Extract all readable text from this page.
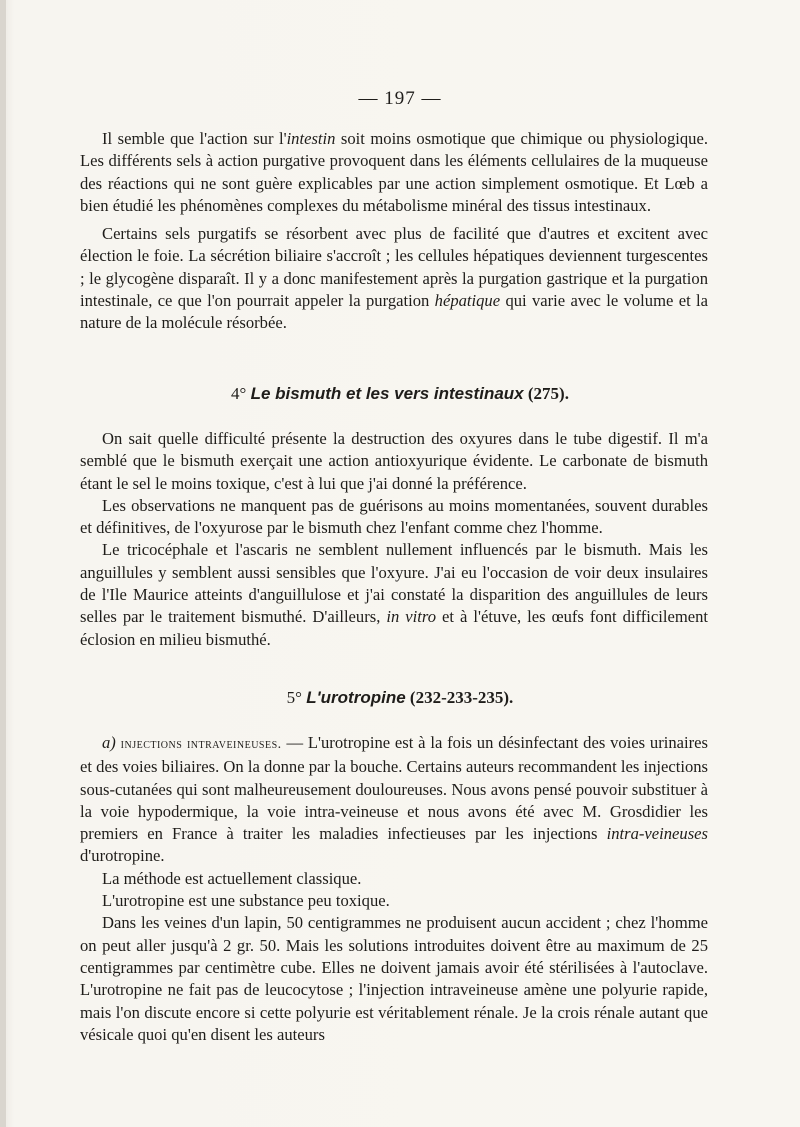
— 197 —

Il semble que l'action sur l'intestin soit moins osmotique que chimique ou physiologique. Les différents sels à action purgative provoquent dans les éléments cellulaires de la muqueuse des réactions qui ne sont guère explicables par une action simplement osmotique. Et Lœb a bien étudié les phénomènes complexes du métabolisme minéral des tissus intestinaux.

Certains sels purgatifs se résorbent avec plus de facilité que d'autres et excitent avec élection le foie. La sécrétion biliaire s'accroît ; les cellules hépatiques deviennent turgescentes ; le glycogène disparaît. Il y a donc manifestement après la purgation gastrique et la purgation intestinale, ce que l'on pourrait appeler la purgation hépatique qui varie avec le volume et la nature de la molécule résorbée.

4° Le bismuth et les vers intestinaux (275).

On sait quelle difficulté présente la destruction des oxyures dans le tube digestif. Il m'a semblé que le bismuth exerçait une action antioxyurique évidente. Le carbonate de bismuth étant le sel le moins toxique, c'est à lui que j'ai donné la préférence.

Les observations ne manquent pas de guérisons au moins momentanées, souvent durables et définitives, de l'oxyurose par le bismuth chez l'enfant comme chez l'homme.

Le tricocéphale et l'ascaris ne semblent nullement influencés par le bismuth. Mais les anguillules y semblent aussi sensibles que l'oxyure. J'ai eu l'occasion de voir deux insulaires de l'Ile Maurice atteints d'anguillulose et j'ai constaté la disparition des anguillules de leurs selles par le traitement bismuthé. D'ailleurs, in vitro et à l'étuve, les œufs font difficilement éclosion en milieu bismuthé.

5° L'urotropine (232-233-235).

a) injections intraveineuses. — L'urotropine est à la fois un désinfectant des voies urinaires et des voies biliaires. On la donne par la bouche. Certains auteurs recommandent les injections sous-cutanées qui sont malheureusement douloureuses. Nous avons pensé pouvoir substituer à la voie hypodermique, la voie intra-veineuse et nous avons été avec M. Grosdidier les premiers en France à traiter les maladies infectieuses par les injections intra-veineuses d'urotropine.

La méthode est actuellement classique.

L'urotropine est une substance peu toxique.

Dans les veines d'un lapin, 50 centigrammes ne produisent aucun accident ; chez l'homme on peut aller jusqu'à 2 gr. 50. Mais les solutions introduites doivent être au maximum de 25 centigrammes par centimètre cube. Elles ne doivent jamais avoir été stérilisées à l'autoclave. L'urotropine ne fait pas de leucocytose ; l'injection intraveineuse amène une polyurie rapide, mais l'on discute encore si cette polyurie est véritablement rénale. Je la crois rénale autant que vésicale quoi qu'en disent les auteurs
